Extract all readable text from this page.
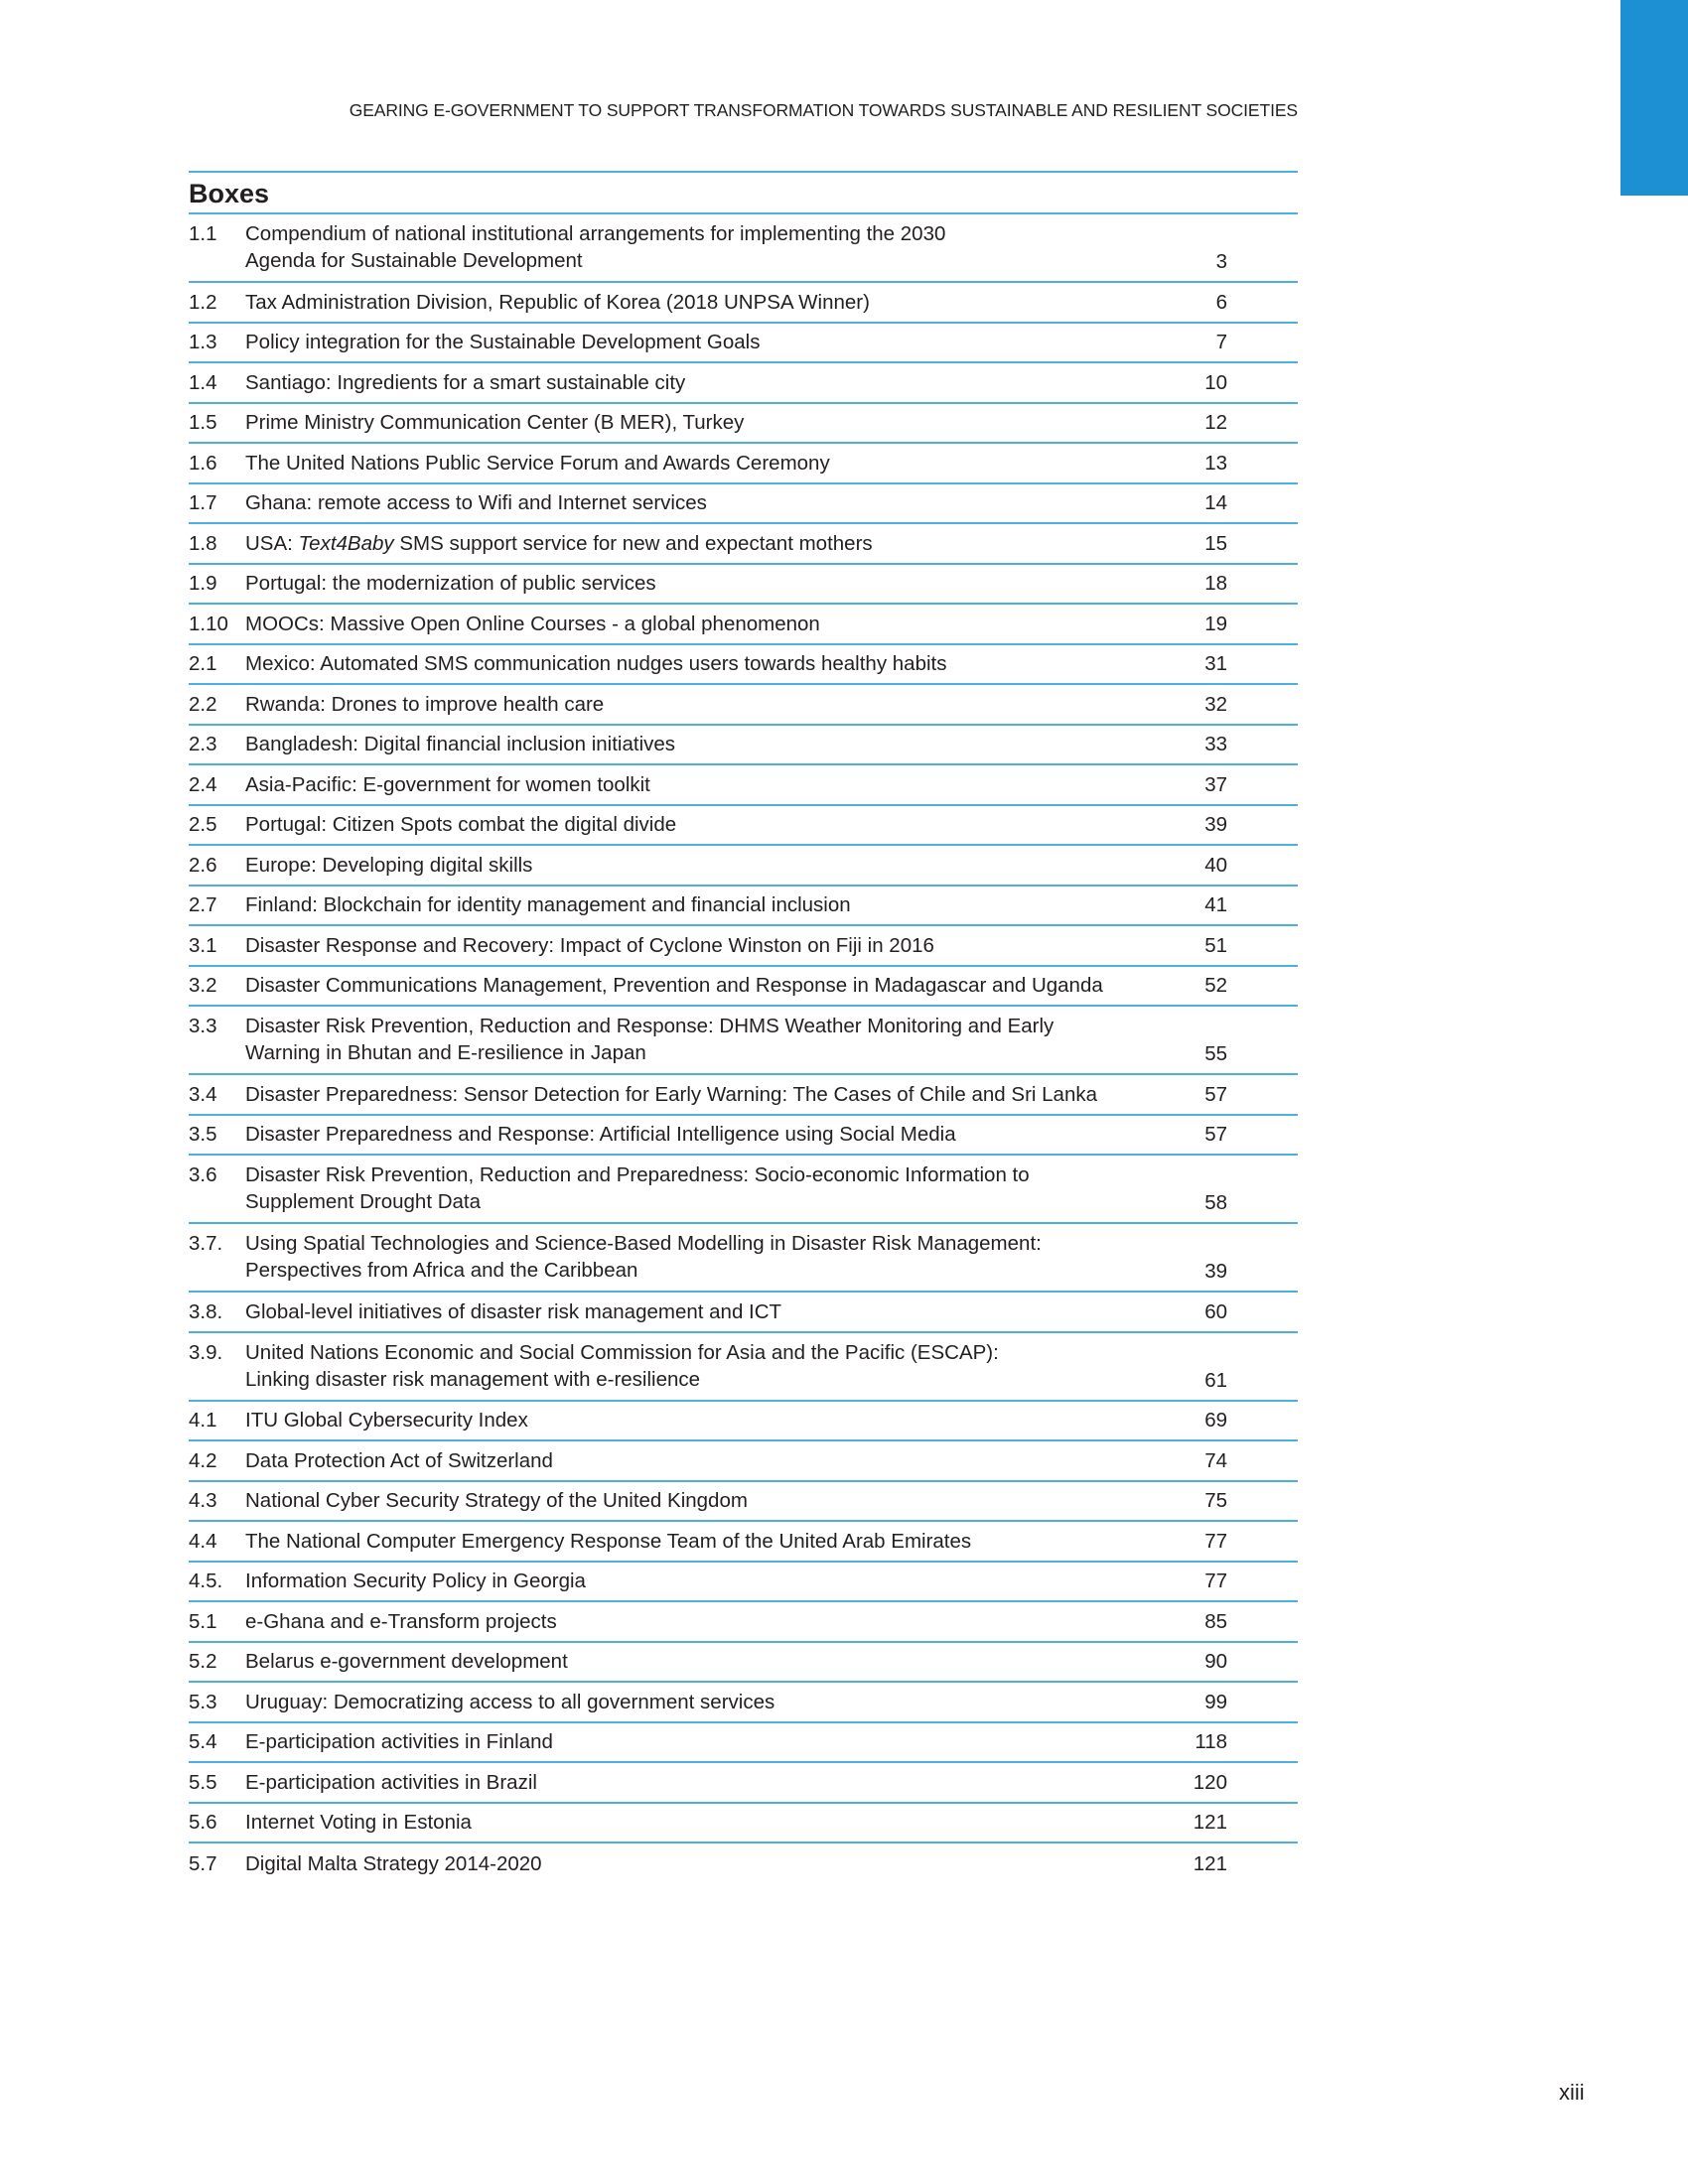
GEARING E-GOVERNMENT TO SUPPORT TRANSFORMATION TOWARDS SUSTAINABLE AND RESILIENT SOCIETIES
Boxes
1.1	Compendium of national institutional arrangements for implementing the 2030
Agenda for Sustainable Development	3
1.2	Tax Administration Division, Republic of Korea (2018 UNPSA Winner)	6
1.3	Policy integration for the Sustainable Development Goals	7
1.4	Santiago: Ingredients for a smart sustainable city	10
1.5	Prime Ministry Communication Center (B MER), Turkey	12
1.6	The United Nations Public Service Forum and Awards Ceremony	13
1.7	Ghana: remote access to Wifi and Internet services	14
1.8	USA: Text4Baby SMS support service for new and expectant mothers	15
1.9	Portugal: the modernization of public services	18
1.10 MOOCs: Massive Open Online Courses - a global phenomenon	19
2.1	Mexico: Automated SMS communication nudges users towards healthy habits	31
2.2	Rwanda: Drones to improve health care	32
2.3	Bangladesh: Digital financial inclusion initiatives	33
2.4	Asia-Pacific: E-government for women toolkit	37
2.5	Portugal: Citizen Spots combat the digital divide	39
2.6	Europe: Developing digital skills	40
2.7	Finland: Blockchain for identity management and financial inclusion	41
3.1	Disaster Response and Recovery: Impact of Cyclone Winston on Fiji in 2016	51
3.2	Disaster Communications Management, Prevention and Response in Madagascar and Uganda	52
3.3	Disaster Risk Prevention, Reduction and Response: DHMS Weather Monitoring and Early
Warning in Bhutan and E-resilience in Japan	55
3.4	Disaster Preparedness: Sensor Detection for Early Warning: The Cases of Chile and Sri Lanka	57
3.5	Disaster Preparedness and Response: Artificial Intelligence using Social Media	57
3.6	Disaster Risk Prevention, Reduction and Preparedness: Socio-economic Information to
Supplement Drought Data	58
3.7.	Using Spatial Technologies and Science-Based Modelling in Disaster Risk Management:
Perspectives from Africa and the Caribbean	39
3.8.	Global-level initiatives of disaster risk management and ICT	60
3.9.	United Nations Economic and Social Commission for Asia and the Pacific (ESCAP):
Linking disaster risk management with e-resilience	61
4.1	ITU Global Cybersecurity Index	69
4.2	Data Protection Act of Switzerland	74
4.3	National Cyber Security Strategy of the United Kingdom	75
4.4	The National Computer Emergency Response Team of the United Arab Emirates	77
4.5.	Information Security Policy in Georgia	77
5.1	e-Ghana and e-Transform projects	85
5.2	Belarus e-government development	90
5.3	Uruguay: Democratizing access to all government services	99
5.4	E-participation activities in Finland	118
5.5	E-participation activities in Brazil	120
5.6	Internet Voting in Estonia	121
5.7	Digital Malta Strategy 2014-2020	121
xiii
